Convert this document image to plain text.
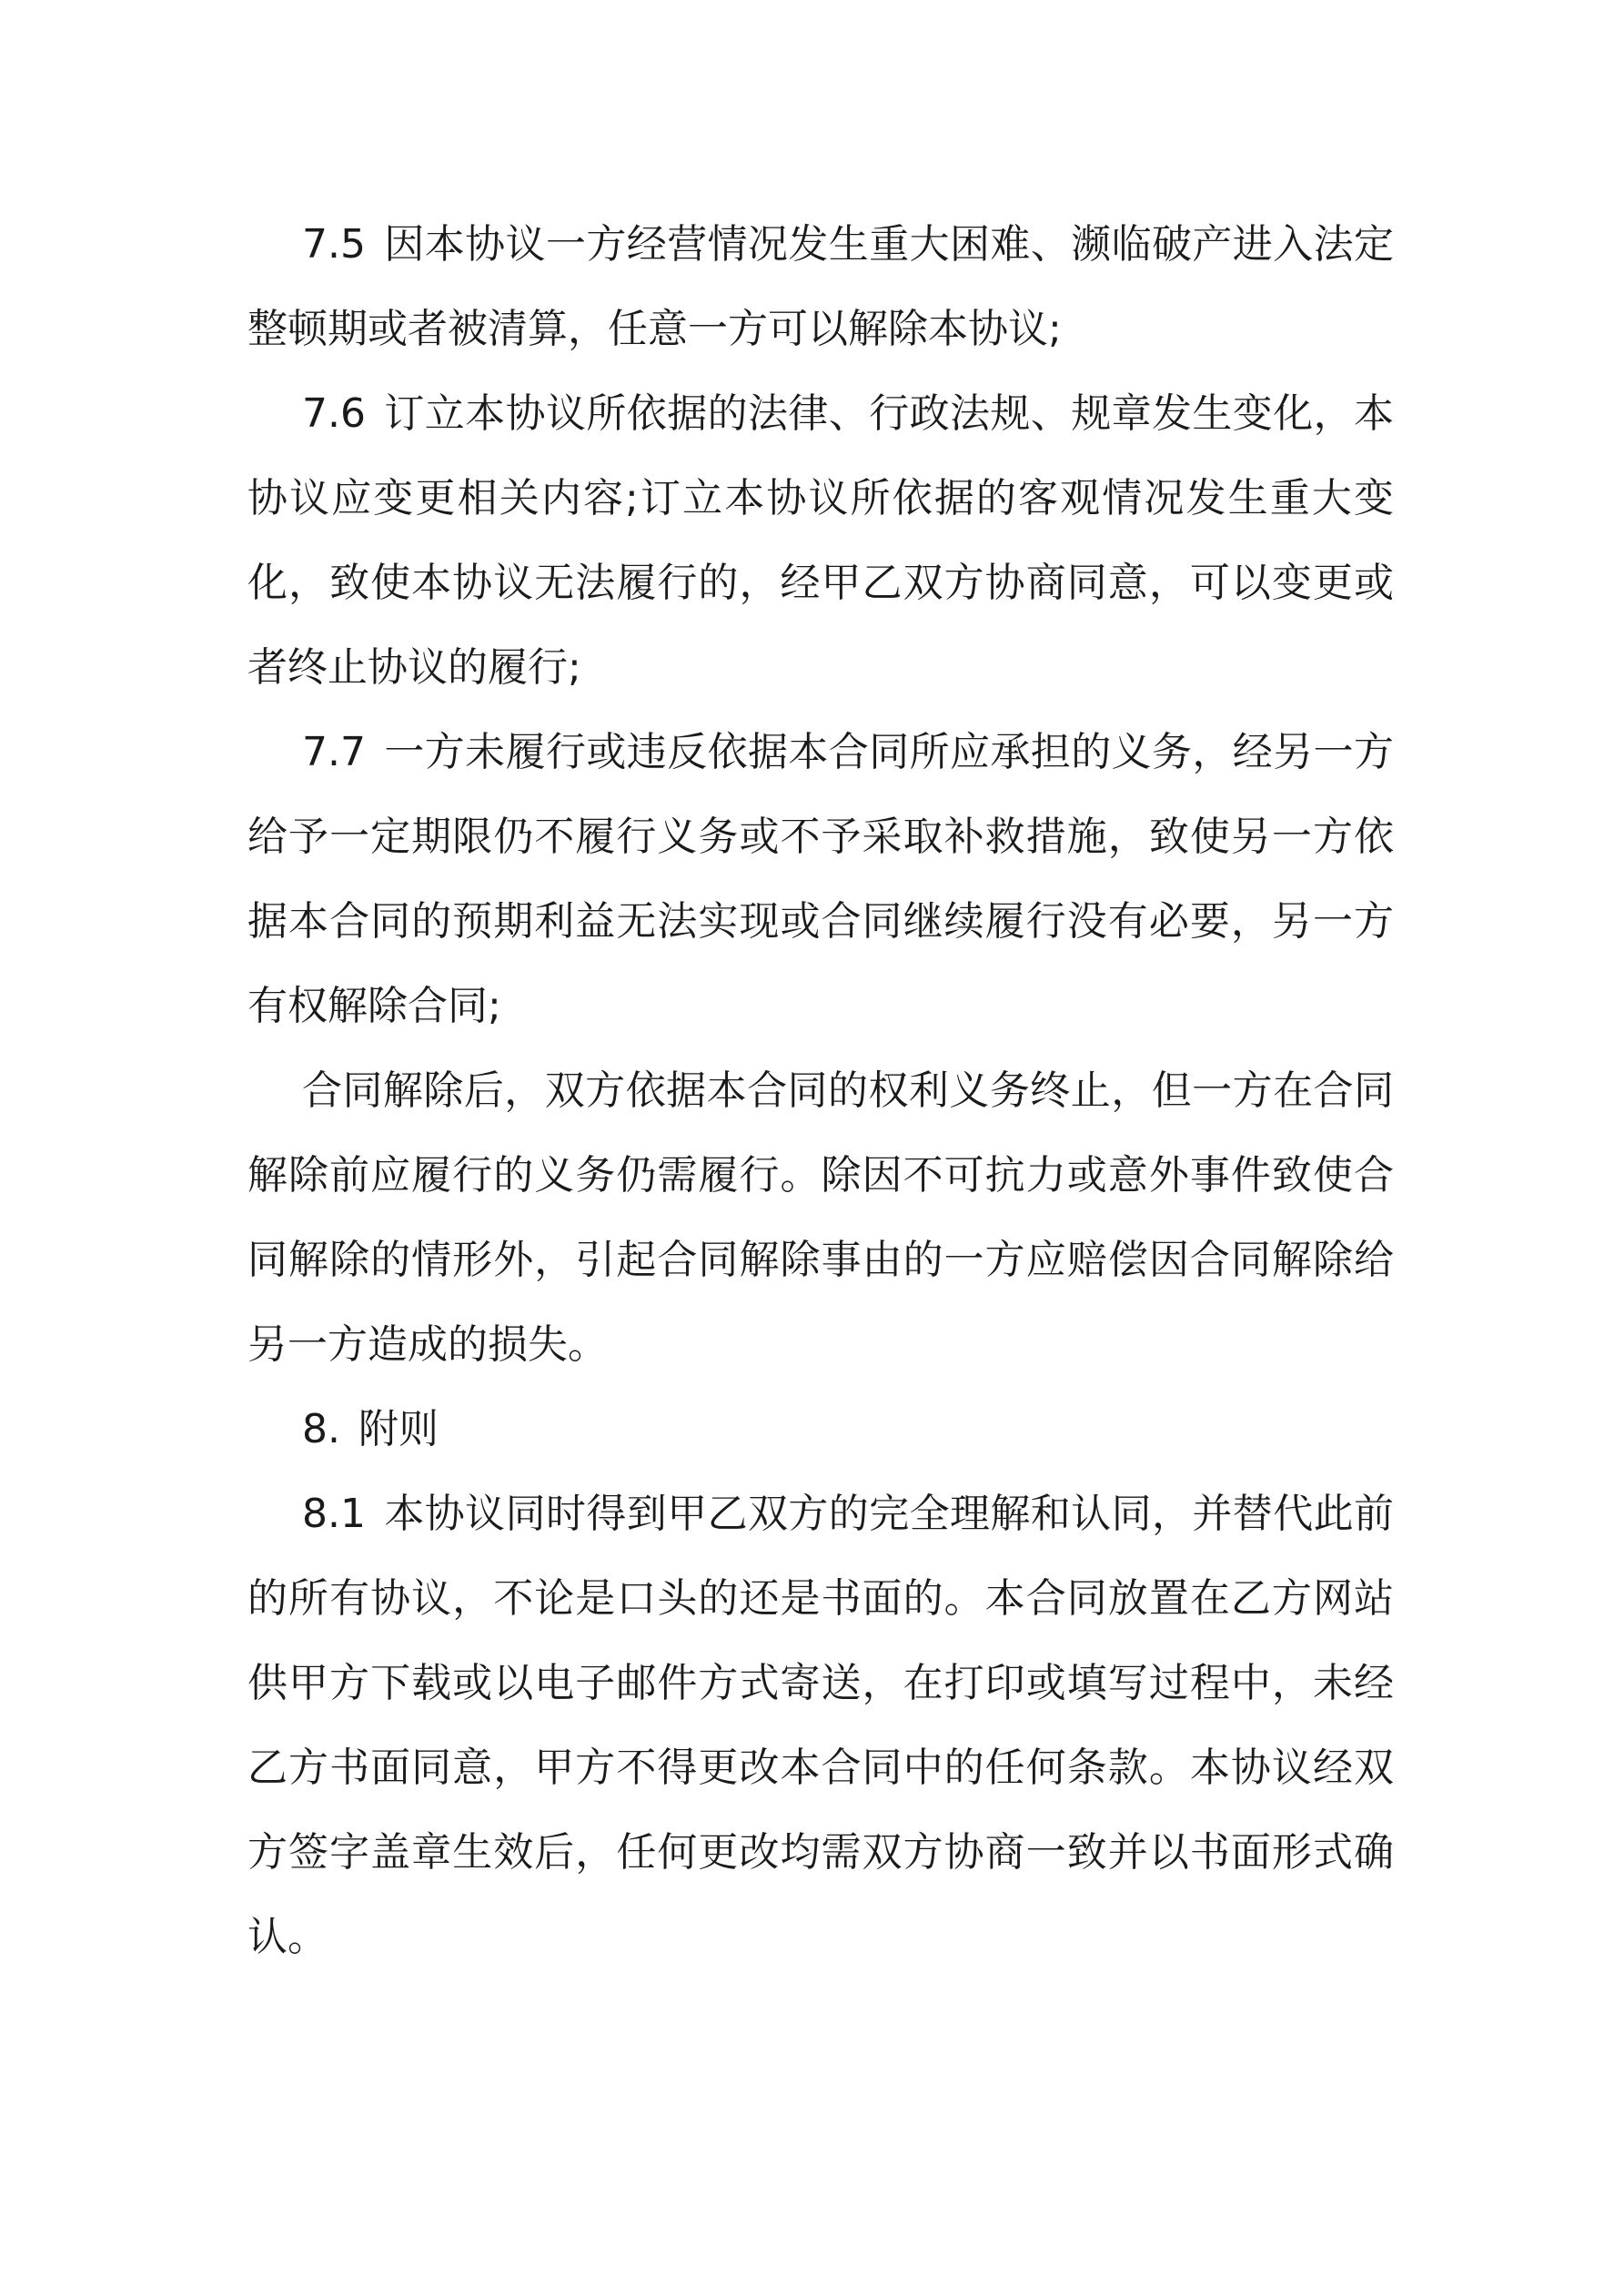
7.5 因本协议一方经营情况发生重大困难、濒临破产进入法定整顿期或者被清算，任意一方可以解除本协议;

7.6 订立本协议所依据的法律、行政法规、规章发生变化，本协议应变更相关内容;订立本协议所依据的客观情况发生重大变化，致使本协议无法履行的，经甲乙双方协商同意，可以变更或者终止协议的履行;

7.7 一方未履行或违反依据本合同所应承担的义务，经另一方给予一定期限仍不履行义务或不予采取补救措施，致使另一方依据本合同的预期利益无法实现或合同继续履行没有必要，另一方有权解除合同;

合同解除后，双方依据本合同的权利义务终止，但一方在合同解除前应履行的义务仍需履行。除因不可抗力或意外事件致使合同解除的情形外，引起合同解除事由的一方应赔偿因合同解除给另一方造成的损失。

8. 附则

8.1 本协议同时得到甲乙双方的完全理解和认同，并替代此前的所有协议，不论是口头的还是书面的。本合同放置在乙方网站供甲方下载或以电子邮件方式寄送，在打印或填写过程中，未经乙方书面同意，甲方不得更改本合同中的任何条款。本协议经双方签字盖章生效后，任何更改均需双方协商一致并以书面形式确认。
